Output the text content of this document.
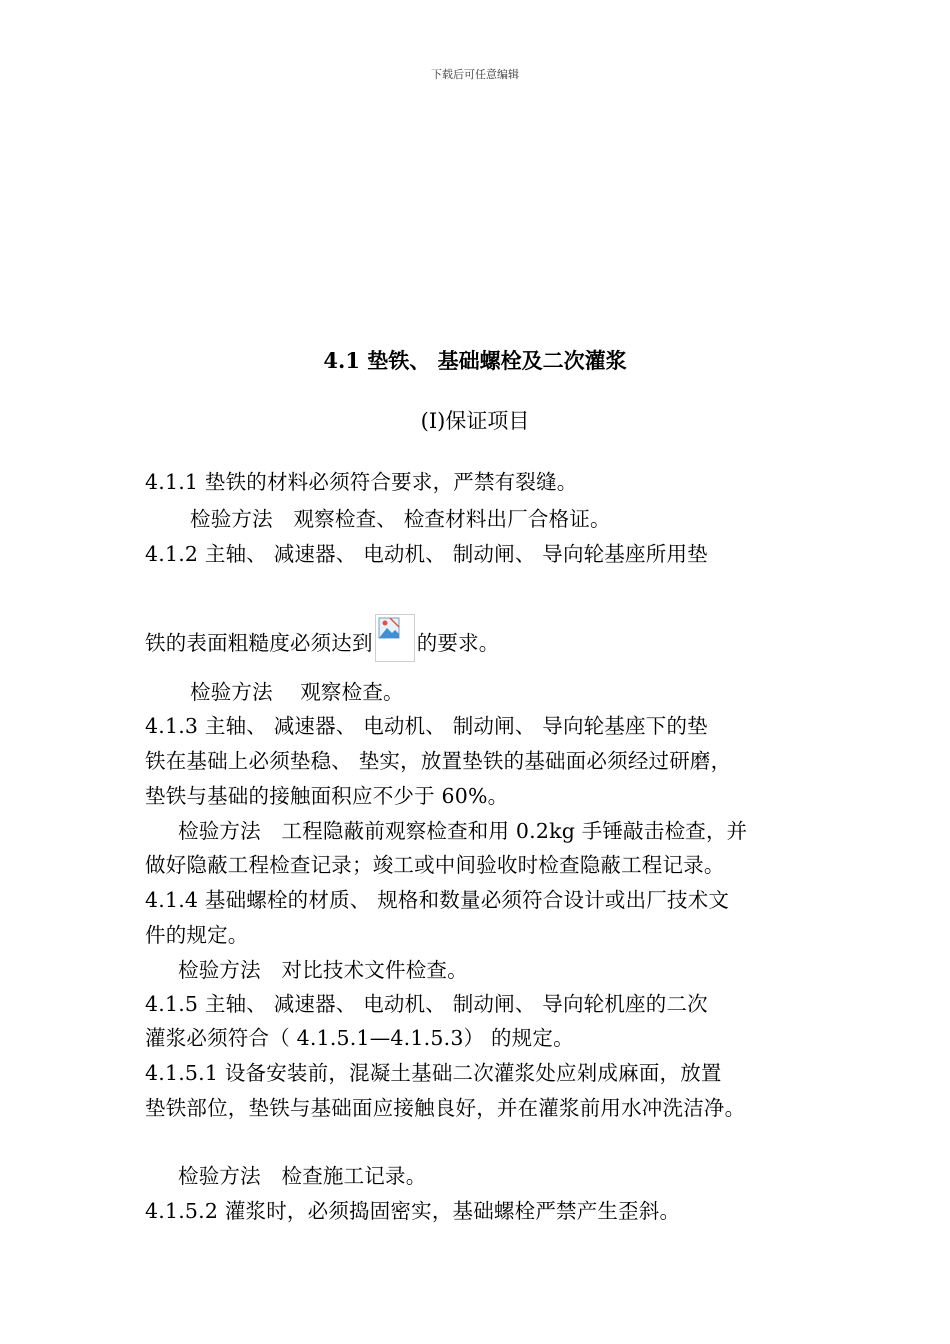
下载后可任意编辑
4.1 垫铁、 基础螺栓及二次灌浆
(I)保证项目
4.1.1 垫铁的材料必须符合要求，严禁有裂缝。
检验方法　观察检查、 检查材料出厂合格证。
4.1.2 主轴、 减速器、 电动机、 制动闸、 导向轮基座所用垫
铁的表面粗糙度必须达到 的要求。
检验方法　 观察检查。
4.1.3 主轴、 减速器、 电动机、 制动闸、 导向轮基座下的垫
铁在基础上必须垫稳、 垫实，放置垫铁的基础面必须经过研磨，
垫铁与基础的接触面积应不少于 60%。
检验方法　工程隐蔽前观察检查和用 0.2kg 手锤敲击检查，并
做好隐蔽工程检查记录；竣工或中间验收时检查隐蔽工程记录。
4.1.4 基础螺栓的材质、 规格和数量必须符合设计或出厂技术文
件的规定。
检验方法　对比技术文件检查。
4.1.5 主轴、 减速器、 电动机、 制动闸、 导向轮机座的二次
灌浆必须符合（ 4.1.5.1—4.1.5.3） 的规定。
4.1.5.1 设备安装前，混凝土基础二次灌浆处应剁成麻面，放置
垫铁部位，垫铁与基础面应接触良好，并在灌浆前用水冲洗洁净。
检验方法　检查施工记录。
4.1.5.2 灌浆时，必须捣固密实，基础螺栓严禁产生歪斜。
